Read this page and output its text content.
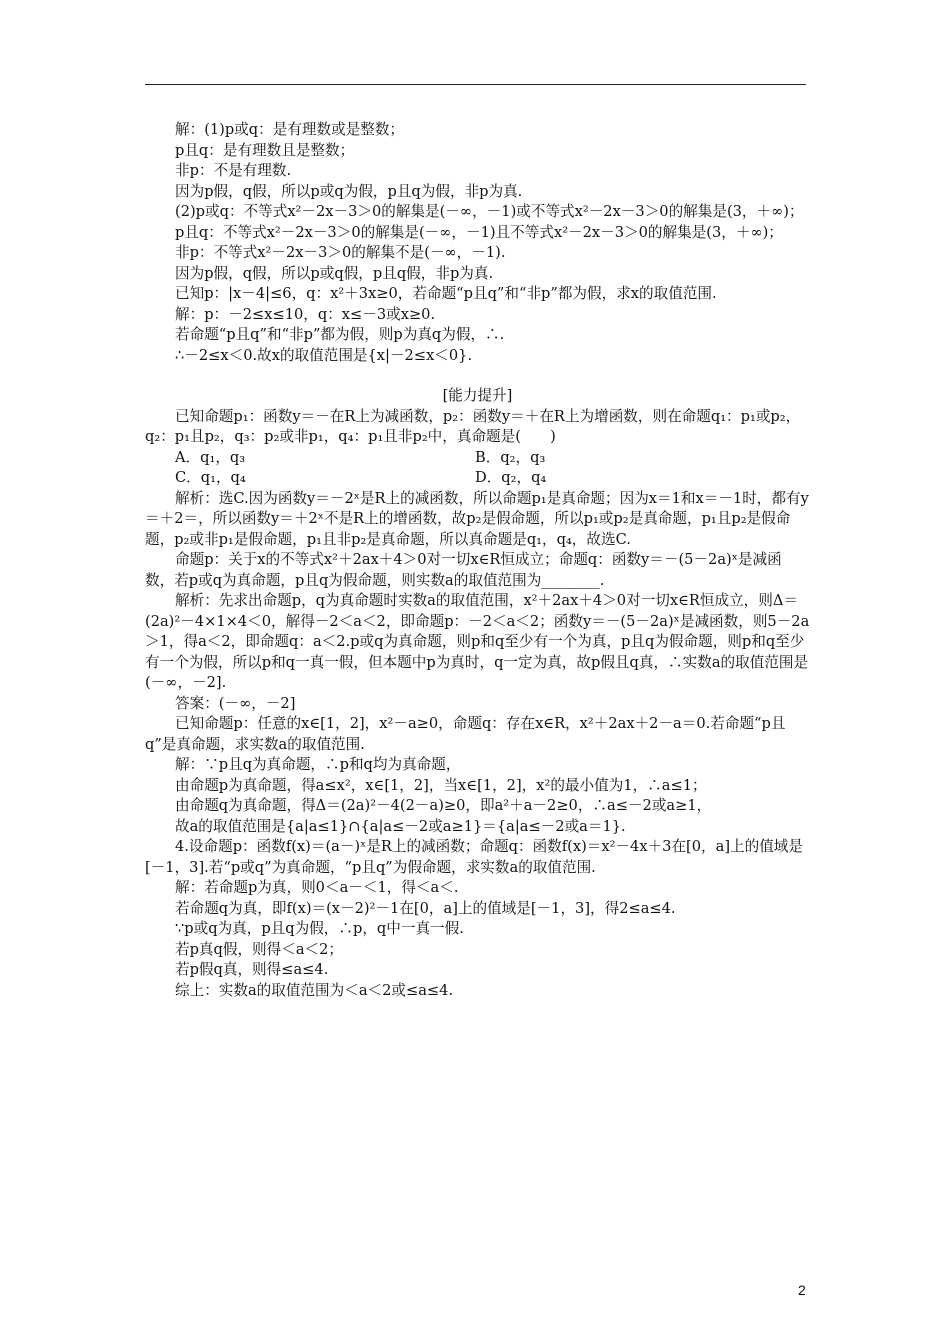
解：(1)p或q：是有理数或是整数；

p且q：是有理数且是整数；

非p：不是有理数.

因为p假，q假，所以p或q为假，p且q为假，非p为真.

(2)p或q：不等式x²－2x－3＞0的解集是(－∞，－1)或不等式x²－2x－3＞0的解集是(3，＋∞)；

p且q：不等式x²－2x－3＞0的解集是(－∞，－1)且不等式x²－2x－3＞0的解集是(3，＋∞)；

非p：不等式x²－2x－3＞0的解集不是(－∞，－1).

因为p假，q假，所以p或q假，p且q假，非p为真.

已知p：|x－4|≤6，q：x²＋3x≥0，若命题“p且q”和“非p”都为假，求x的取值范围.

解：p：－2≤x≤10，q：x≤－3或x≥0.

若命题“p且q”和“非p”都为假，则p为真q为假，∴.

∴－2≤x＜0.故x的取值范围是{x|－2≤x＜0}.

[能力提升]

已知命题p₁：函数y＝－在R上为减函数，p₂：函数y＝＋在R上为增函数，则在命题q₁：p₁或p₂，q₂：p₁且p₂，q₃：p₂或非p₁，q₄：p₁且非p₂中，真命题是(　　)

A．q₁，q₃	B．q₂，q₃

C．q₁，q₄	D．q₂，q₄

解析：选C.因为函数y＝－2ˣ是R上的减函数，所以命题p₁是真命题；因为x＝1和x＝－1时，都有y＝＋2＝，所以函数y＝＋2ˣ不是R上的增函数，故p₂是假命题，所以p₁或p₂是真命题，p₁且p₂是假命题，p₂或非p₁是假命题，p₁且非p₂是真命题，所以真命题是q₁，q₄，故选C.

命题p：关于x的不等式x²＋2ax＋4＞0对一切x∈R恒成立；命题q：函数y＝－(5－2a)ˣ是减函数，若p或q为真命题，p且q为假命题，则实数a的取值范围为________.

解析：先求出命题p，q为真命题时实数a的取值范围，x²＋2ax＋4＞0对一切x∈R恒成立，则Δ＝(2a)²－4×1×4＜0，解得－2＜a＜2，即命题p：－2＜a＜2；函数y＝－(5－2a)ˣ是减函数，则5－2a＞1，得a＜2，即命题q：a＜2.p或q为真命题，则p和q至少有一个为真，p且q为假命题，则p和q至少有一个为假，所以p和q一真一假，但本题中p为真时，q一定为真，故p假且q真，∴实数a的取值范围是(－∞，－2].

答案：(－∞，－2]

已知命题p：任意的x∈[1，2]，x²－a≥0，命题q：存在x∈R，x²＋2ax＋2－a＝0.若命题“p且q”是真命题，求实数a的取值范围.

解：∵p且q为真命题，∴p和q均为真命题，

由命题p为真命题，得a≤x²，x∈[1，2]，当x∈[1，2]，x²的最小值为1，∴a≤1；

由命题q为真命题，得Δ＝(2a)²－4(2－a)≥0，即a²＋a－2≥0，∴a≤－2或a≥1，

故a的取值范围是{a|a≤1}∩{a|a≤－2或a≥1}＝{a|a≤－2或a＝1}.

4.设命题p：函数f(x)＝(a－)ˣ是R上的减函数；命题q：函数f(x)＝x²－4x＋3在[0，a]上的值域是[－1，3].若“p或q”为真命题，“p且q”为假命题，求实数a的取值范围.

解：若命题p为真，则0＜a－＜1，得＜a＜.

若命题q为真，即f(x)＝(x－2)²－1在[0，a]上的值域是[－1，3]，得2≤a≤4.

∵p或q为真，p且q为假，∴p，q中一真一假.

若p真q假，则得＜a＜2；

若p假q真，则得≤a≤4.

综上：实数a的取值范围为＜a＜2或≤a≤4.

2
